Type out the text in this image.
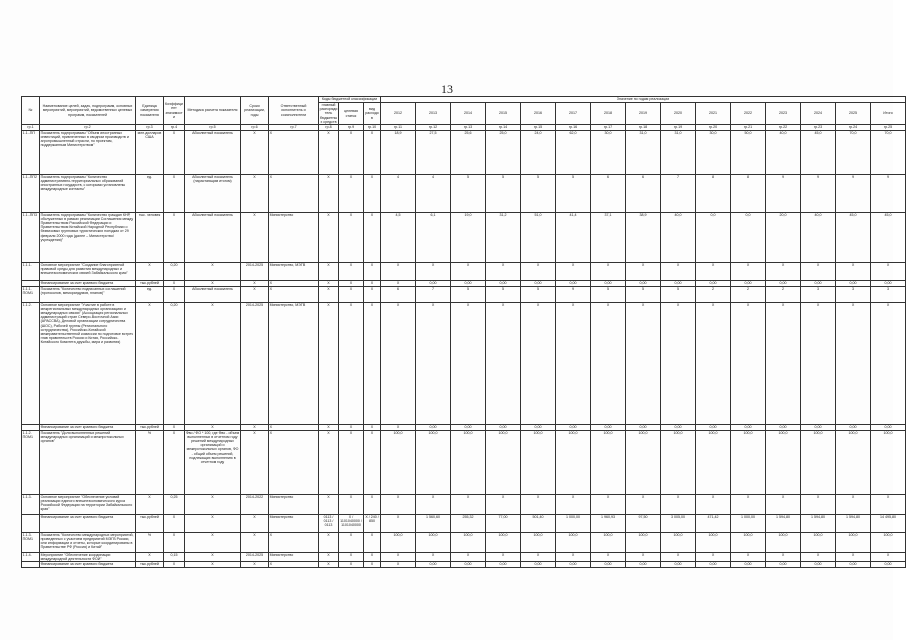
13
№	Наименование целей, задач, подпрограмм, основных мероприятий, мероприятий, ведомственных целевых программ, показателей	Единица измерения показателя	Коэффициент значимости	Методика расчета показателя	Сроки реализации, годы	Ответственный исполнитель и соисполнители	Коды бюджетной классификации			Значение по годам реализации														
							главный распорядитель бюджетных средств	целевая статья	вид расходов	2012	2013	2014	2015	2016	2017	2018	2019	2020	2021	2022	2023	2024	2025	Итого
гр.1	гр.2	гр.3	гр.4	гр.5	гр.6	гр.7	гр.8	гр.9	гр.10	гр.11	гр.12	гр.13	гр.14	гр.15	гр.16	гр.17	гр.18	гр.19	гр.20	гр.21	гр.22	гр.23	гр.24	гр.25
1.1.-ПП	Показатель подпрограммы "Объем иностранных инвестиций, привлеченных в сводном производств и агропромышленный отрасли, по проектам, поддержанным Министерством"	млн.долларов США	Х	Абсолютный показатель	Х	Х	Х	Х	Х	18,9	27,5	25,6	25,0	24,0	62,0	30,0	31,0	31,0	30,0	50,0	40,0	45,0	70,0	70,0
1.1.-ПП2	Показатель подпрограммы "Количество административно-территориальных образований иностранных государств, с которыми установлены международные контакты"	ед.	Х	Абсолютный показатель (нарастающим итогом)	Х	Х	Х	Х	Х	4	4	5	5	5	5	6	6	7	8	8	9	9	9	9
1.1.-ПП3	Показатель подпрограммы "Количество граждан КНР, обслуженных в рамках реализации Соглашения между Правительством Российской Федерации и Правительством Китайской Народной Республики о безвизовых групповых туристических поездках от 29 февраля 2000 года (далее – Министерство/учреждения)"	тыс. человек	Х	Абсолютный показатель	Х	Министерство	Х	Х	Х	4,5	6,1	19,0	31,2	51,0	41,4	37,1	38,9	40,0	0,0	0,0	20,0	40,0	45,0	45,0
1.1.1.	Основное мероприятие "Создание благоприятной правовой среды для развития международных и внешнеэкономических связей Забайкальского края"	Х	0,20	Х	2014-2025	Министерство, МЭГВ	Х	Х	Х	Х	Х	Х	Х	Х	Х	Х	Х	Х	Х	Х	Х	Х	Х	Х
	Финансирование за счет краевого бюджета	тыс.рублей	Х	Х	Х	Х	Х	Х	Х	Х	0,00	0,00	0,00	0,00	0,00	0,00	0,00	0,00	0,00	0,00	0,00	0,00	0,00	0,00
1.1.1. ПОМ1	Показатель "Количество подписанных соглашений (протоколов, меморандумов, планов)"	ед.	Х	Абсолютный показатель	Х	Х	Х	Х	Х	6	7	5	5	5	9	5	5	5	2	2	2	3	3	3
1.1.2.	Основное мероприятие "Участие в работе в межрегиональных международных организациях и международных связях" (Ассоциация региональных администраций стран Северо-Восточной Азии (АРАССВА), Деловой организации сотрудничества (ШОС), Рабочей группы (Регионального сотрудничества), Российско-Китайской межправительственной комиссии по подготовке встреч глав правительств России и Китая, Российско-Китайского Комитета дружбы, мира и развития)	Х	0,20	Х	2014-2025	Министерство, МЭГВ	Х	Х	Х	Х	Х	Х	Х	Х	Х	Х	Х	Х	Х	Х	Х	Х	Х	Х
	Финансирование за счет краевого бюджета	тыс.рублей	Х	Х	Х	Х	Х	Х	Х	Х	0,00	0,00	0,00	0,00	0,00	0,00	0,00	0,00	0,00	0,00	0,00	0,00	0,00	0,00
1.1.2. ПОМ1	Показатель "Доля выполненных решений международных организаций и межпротокольных органов"	%	Х	Фво / ФО * 100, где Фво - объем выполненных в отчетном году решений международных организаций и межпротокольных органов, ФО - общий объем решений, подлежащих выполнению в отчетном году	Х	Х	Х	Х	Х	100,0	100,0	100,0	100,0	100,0	100,0	100,0	100,0	100,0	100,0	100,0	100,0	100,0	100,0	100,0
1.1.3.	Основное мероприятие "Обеспечение условий реализации единого внешнеэкономического курса Российской Федерации на территории Забайкальского края"	Х	0,25	Х	2014-2022	Министерство	Х	Х	Х	Х	Х	Х	Х	Х	Х	Х	Х	Х	Х	Х	Х	Х	Х	Х
	Финансирование за счет краевого бюджета	тыс.рублей	Х	Х	Х	Министерство	0113 / 0113 / 0113	Х / 1101040000 / 1101040000	Х / 240 / 850	Х	1 560,60	255,32	77,00	501,40	1 000,00	1 960,93	97,50	3 005,00	471,42	1 000,00	1 594,80	1 594,80	1 594,80	14 495,80
1.1.3. ПОМ1	Показатель "Количество международных мероприятий, проведенных с участием предприятий МЭГВ России, или информации и отчеты, которые координированы в Правительстве РФ (Россия) и Китай"	%	Х	Х	Х	Х	Х	Х	Х	100,0	100,0	100,0	100,0	100,0	100,0	100,0	100,0	100,0	100,0	100,0	100,0	100,0	100,0	100,0
1.1.4.	Мероприятие "Обеспечение координации международной деятельности ФОИ"	Х	0,15	Х	2014-2025	Министерство	Х	Х	Х	Х	Х	Х	Х	Х	Х	Х	Х	Х	Х	Х	Х	Х	Х	Х
	Финансирование за счет краевого бюджета	тыс.рублей	Х	Х	Х	Х	Х	Х	Х	Х	0,00	0,00	0,00	0,00	0,00	0,00	0,00	0,00	0,00	0,00	0,00	0,00	0,00	0,00
